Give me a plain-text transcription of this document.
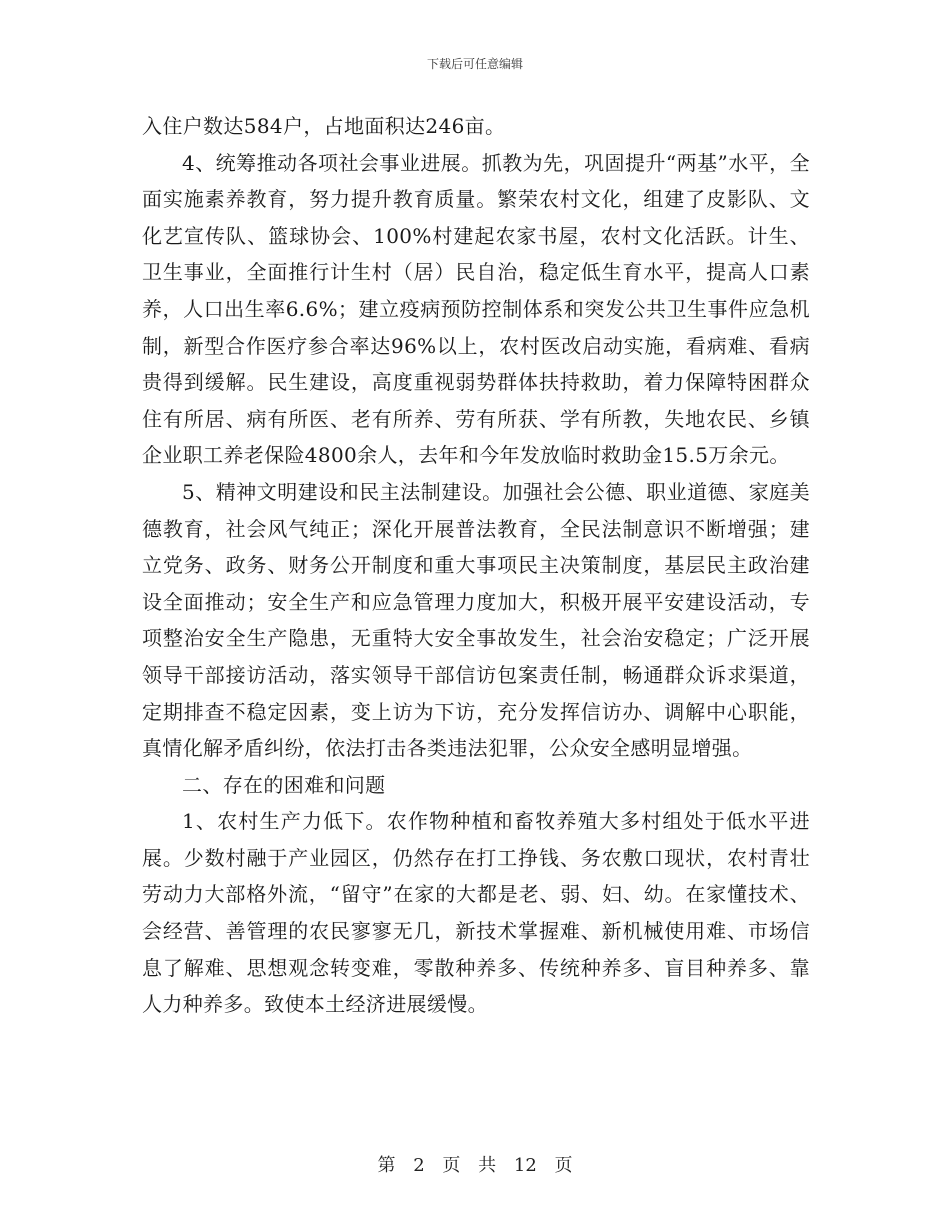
下载后可任意编辑

入住户数达584户，占地面积达246亩。

4、统筹推动各项社会事业进展。抓教为先，巩固提升“两基”水平，全面实施素养教育，努力提升教育质量。繁荣农村文化，组建了皮影队、文化艺宣传队、篮球协会、100%村建起农家书屋，农村文化活跃。计生、卫生事业，全面推行计生村（居）民自治，稳定低生育水平，提高人口素养，人口出生率6.6%；建立疫病预防控制体系和突发公共卫生事件应急机制，新型合作医疗参合率达96%以上，农村医改启动实施，看病难、看病贵得到缓解。民生建设，高度重视弱势群体扶持救助，着力保障特困群众住有所居、病有所医、老有所养、劳有所获、学有所教，失地农民、乡镇企业职工养老保险4800余人，去年和今年发放临时救助金15.5万余元。

5、精神文明建设和民主法制建设。加强社会公德、职业道德、家庭美德教育，社会风气纯正；深化开展普法教育，全民法制意识不断增强；建立党务、政务、财务公开制度和重大事项民主决策制度，基层民主政治建设全面推动；安全生产和应急管理力度加大，积极开展平安建设活动，专项整治安全生产隐患，无重特大安全事故发生，社会治安稳定；广泛开展领导干部接访活动，落实领导干部信访包案责任制，畅通群众诉求渠道，定期排查不稳定因素，变上访为下访，充分发挥信访办、调解中心职能，真情化解矛盾纠纷，依法打击各类违法犯罪，公众安全感明显增强。

二、存在的困难和问题

1、农村生产力低下。农作物种植和畜牧养殖大多村组处于低水平进展。少数村融于产业园区，仍然存在打工挣钱、务农敷口现状，农村青壮劳动力大部格外流，“留守”在家的大都是老、弱、妇、幼。在家懂技术、会经营、善管理的农民寥寥无几，新技术掌握难、新机械使用难、市场信息了解难、思想观念转变难，零散种养多、传统种养多、盲目种养多、靠人力种养多。致使本土经济进展缓慢。

第 2 页 共 12 页
